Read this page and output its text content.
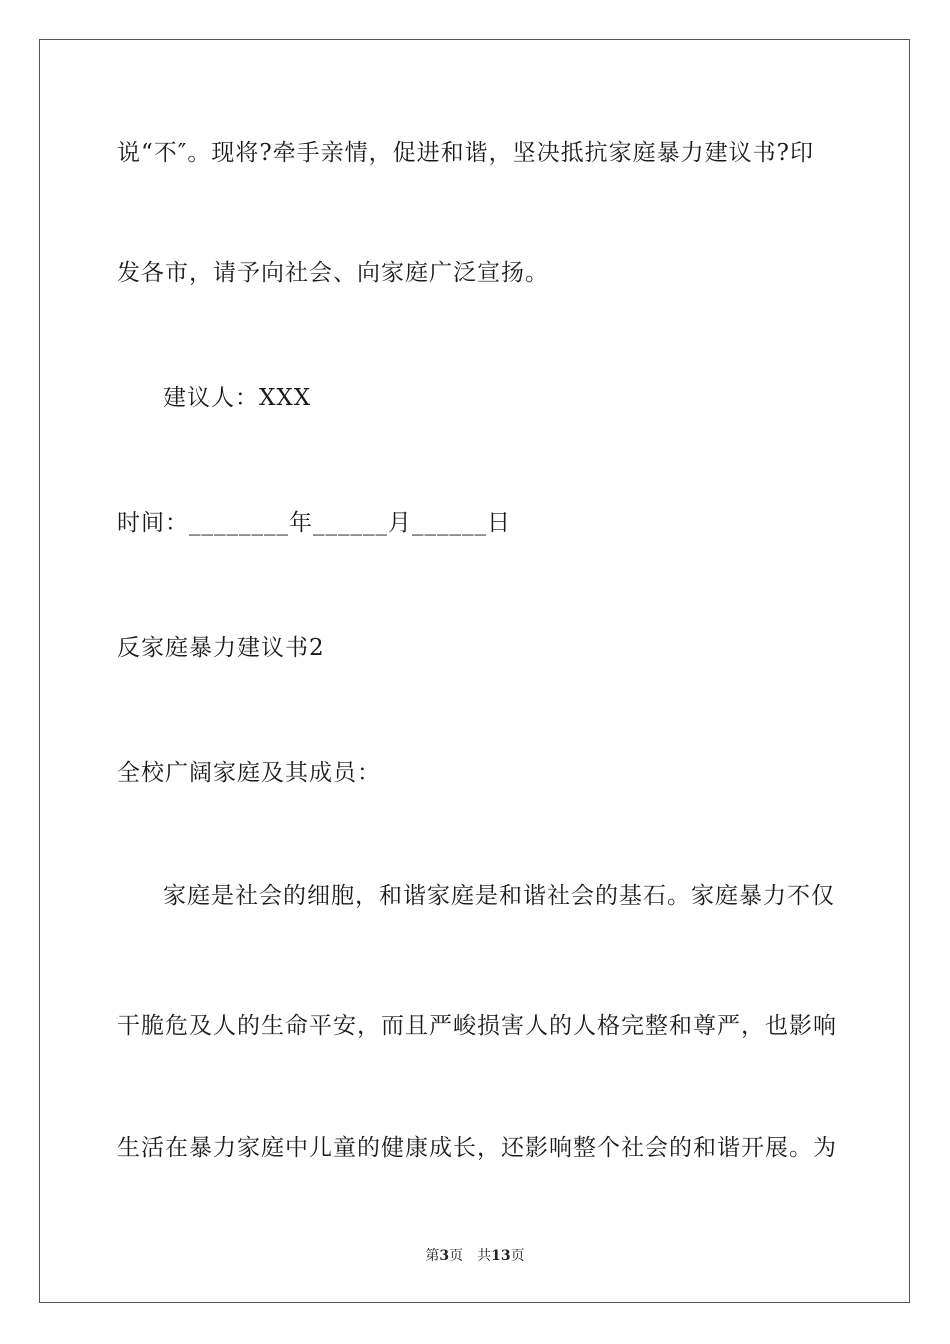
说“不″。现将?牵手亲情，促进和谐，坚决抵抗家庭暴力建议书?印
发各市，请予向社会、向家庭广泛宣扬。
建议人：XXX
时间：________年______月______日
反家庭暴力建议书2
全校广阔家庭及其成员：
家庭是社会的细胞，和谐家庭是和谐社会的基石。家庭暴力不仅
干脆危及人的生命平安，而且严峻损害人的人格完整和尊严，也影响
生活在暴力家庭中儿童的健康成长，还影响整个社会的和谐开展。为
第3页 共13页
